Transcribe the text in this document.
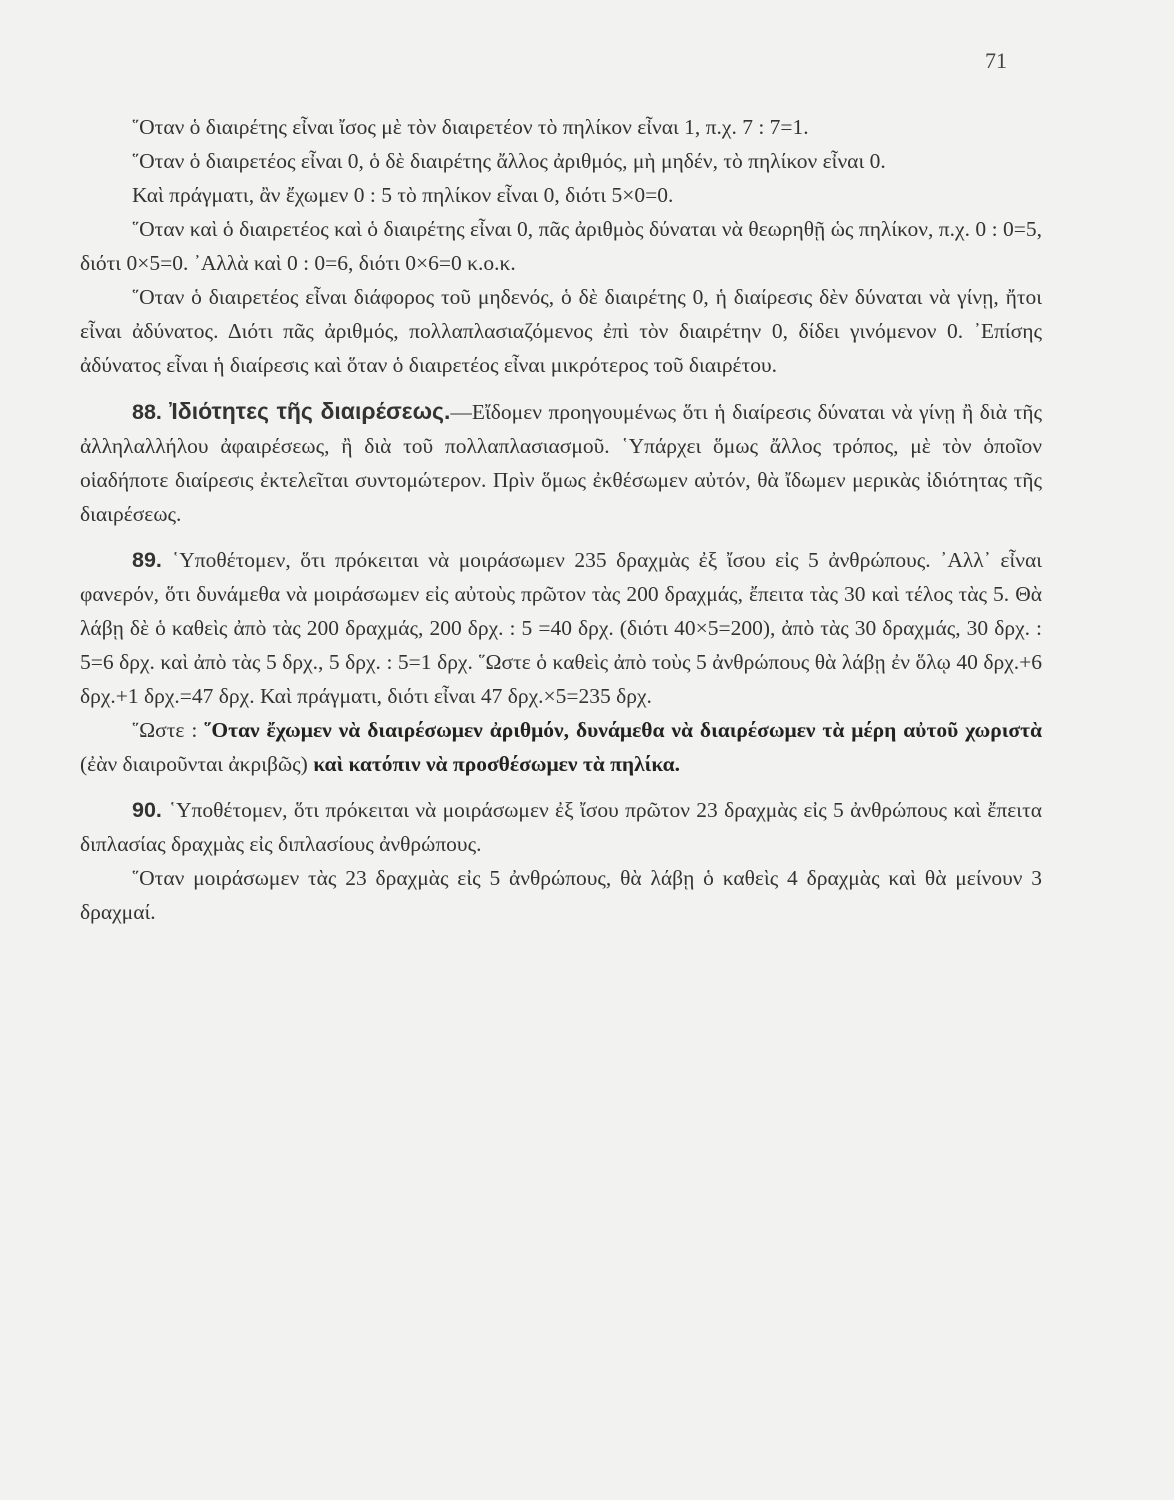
71

῞Οταν ὁ διαιρέτης εἶναι ἴσος μὲ τὸν διαιρετέον τὸ πηλίκον εἶναι 1, π.χ. 7 : 7=1.

῞Οταν ὁ διαιρετέος εἶναι 0, ὁ δὲ διαιρέτης ἄλλος ἀριθμός, μὴ μηδέν, τὸ πηλίκον εἶναι 0.

Καὶ πράγματι, ἂν ἔχωμεν 0 : 5 τὸ πηλίκον εἶναι 0, διότι 5×0=0.

῞Οταν καὶ ὁ διαιρετέος καὶ ὁ διαιρέτης εἶναι 0, πᾶς ἀριθμὸς δύναται νὰ θεωρηθῇ ὡς πηλίκον, π.χ. 0 : 0=5, διότι 0×5=0. ᾿Αλλὰ καὶ 0 : 0=6, διότι 0×6=0 κ.ο.κ.

῞Οταν ὁ διαιρετέος εἶναι διάφορος τοῦ μηδενός, ὁ δὲ διαιρέτης 0, ἡ διαίρεσις δὲν δύναται νὰ γίνῃ, ἤτοι εἶναι ἀδύνατος. Διότι πᾶς ἀριθμός, πολλαπλασιαζόμενος ἐπὶ τὸν διαιρέτην 0, δίδει γινόμενον 0. ᾿Επίσης ἀδύνατος εἶναι ἡ διαίρεσις καὶ ὅταν ὁ διαιρετέος εἶναι μικρότερος τοῦ διαιρέτου.

88. Ἰδιότητες τῆς διαιρέσεως.—Εἴδομεν προηγουμένως ὅτι ἡ διαίρεσις δύναται νὰ γίνῃ ἢ διὰ τῆς ἀλληλαλλήλου ἀφαιρέσεως, ἢ διὰ τοῦ πολλαπλασιασμοῦ. ῾Υπάρχει ὅμως ἄλλος τρόπος, μὲ τὸν ὁποῖον οἱαδήποτε διαίρεσις ἐκτελεῖται συντομώτερον. Πρὶν ὅμως ἐκθέσωμεν αὐτόν, θὰ ἴδωμεν μερικὰς ἰδιότητας τῆς διαιρέσεως.

89. ῾Υποθέτομεν, ὅτι πρόκειται νὰ μοιράσωμεν 235 δραχμὰς ἐξ ἴσου εἰς 5 ἀνθρώπους. ᾿Αλλ᾽ εἶναι φανερόν, ὅτι δυνάμεθα νὰ μοιράσωμεν εἰς αὐτοὺς πρῶτον τὰς 200 δραχμάς, ἔπειτα τὰς 30 καὶ τέλος τὰς 5. Θὰ λάβῃ δὲ ὁ καθεὶς ἀπὸ τὰς 200 δραχμάς, 200 δρχ. : 5 =40 δρχ. (διότι 40×5=200), ἀπὸ τὰς 30 δραχμάς, 30 δρχ. : 5=6 δρχ. καὶ ἀπὸ τὰς 5 δρχ., 5 δρχ. : 5=1 δρχ. ῞Ωστε ὁ καθεὶς ἀπὸ τοὺς 5 ἀνθρώπους θὰ λάβῃ ἐν ὅλῳ 40 δρχ.+6 δρχ.+1 δρχ.=47 δρχ. Καὶ πράγματι, διότι εἶναι 47 δρχ.×5=235 δρχ.

῞Ωστε : ῞Οταν ἔχωμεν νὰ διαιρέσωμεν ἀριθμόν, δυνάμεθα νὰ διαιρέσωμεν τὰ μέρη αὐτοῦ χωριστὰ (ἐὰν διαιροῦνται ἀκριβῶς) καὶ κατόπιν νὰ προσθέσωμεν τὰ πηλίκα.

90. ῾Υποθέτομεν, ὅτι πρόκειται νὰ μοιράσωμεν ἐξ ἴσου πρῶτον 23 δραχμὰς εἰς 5 ἀνθρώπους καὶ ἔπειτα διπλασίας δραχμὰς εἰς διπλασίους ἀνθρώπους.

῞Οταν μοιράσωμεν τὰς 23 δραχμὰς εἰς 5 ἀνθρώπους, θὰ λάβῃ ὁ καθεὶς 4 δραχμὰς καὶ θὰ μείνουν 3 δραχμαί.
